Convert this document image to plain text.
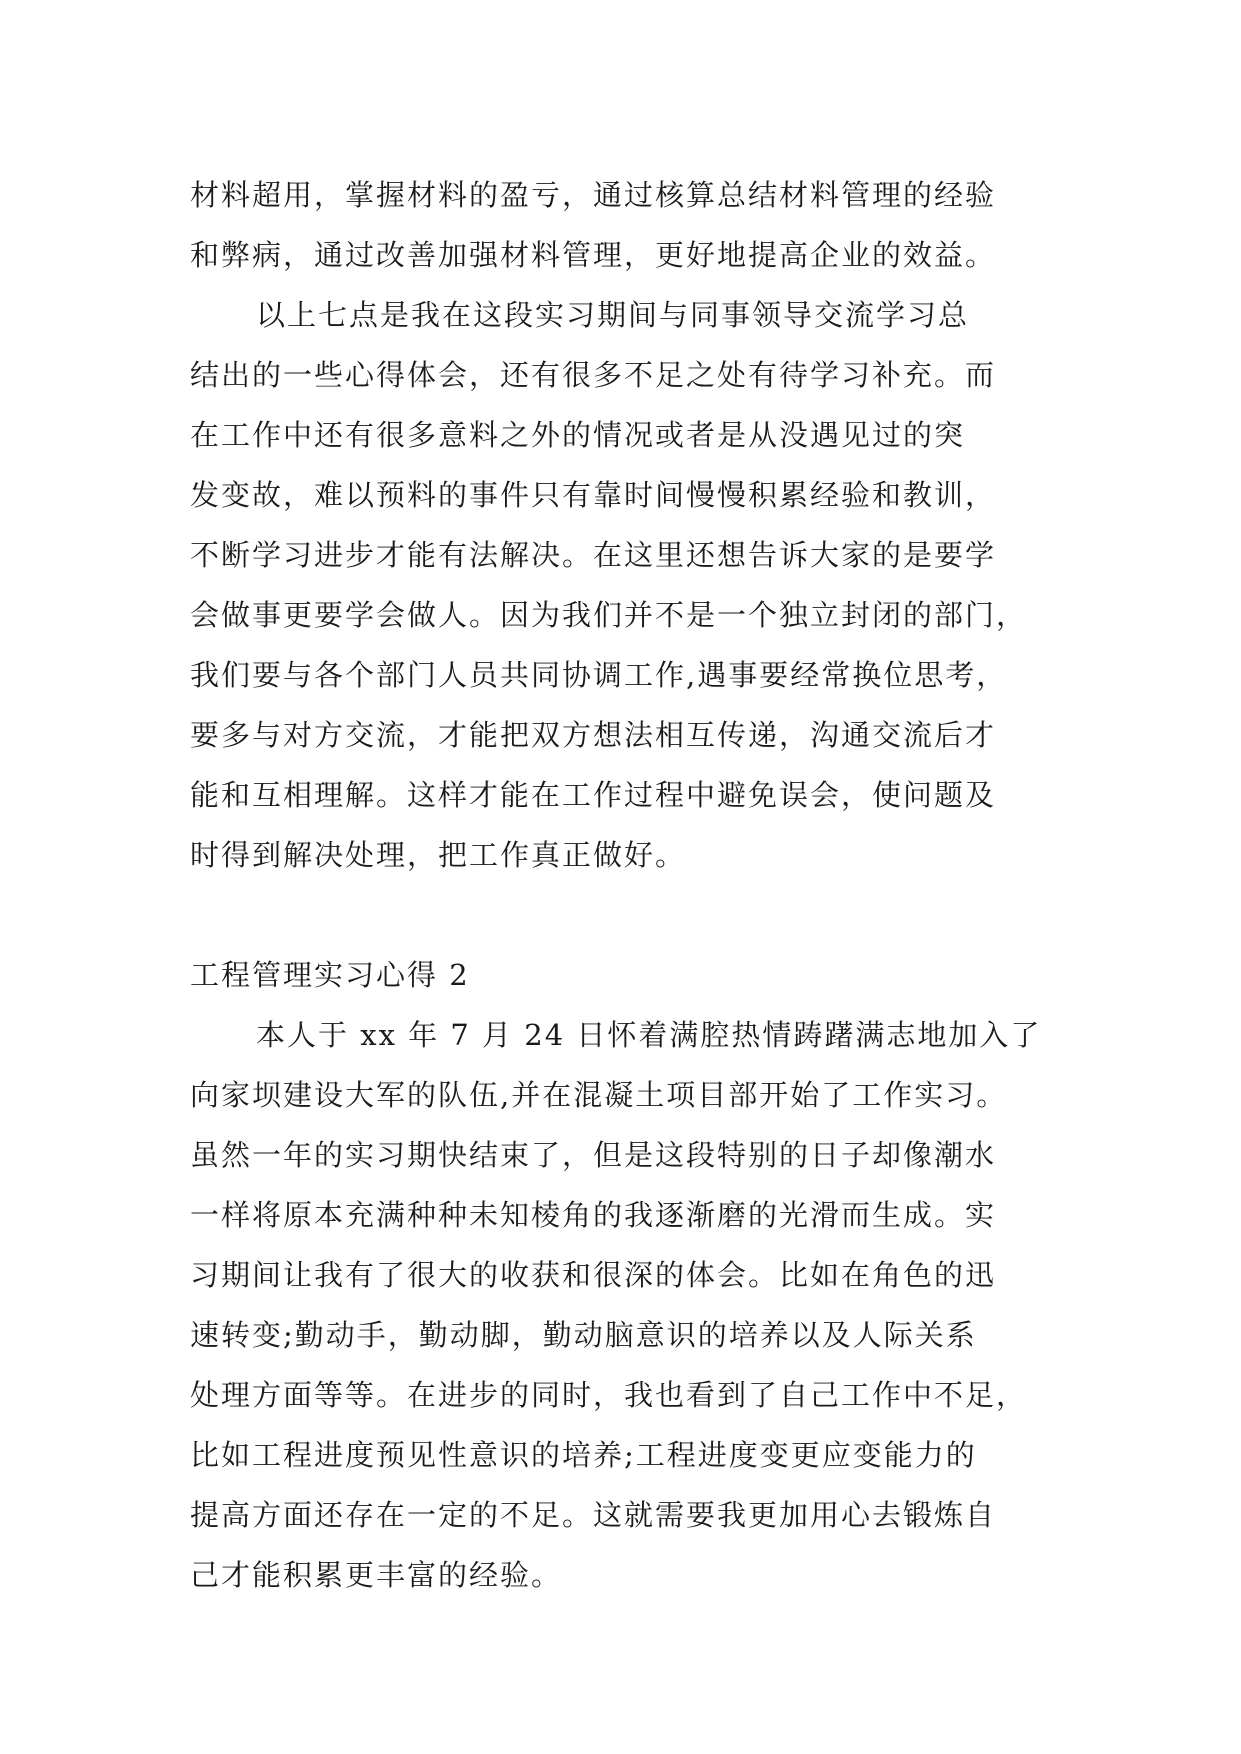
材料超用，掌握材料的盈亏，通过核算总结材料管理的经验
和弊病，通过改善加强材料管理，更好地提高企业的效益。
以上七点是我在这段实习期间与同事领导交流学习总
结出的一些心得体会，还有很多不足之处有待学习补充。而
在工作中还有很多意料之外的情况或者是从没遇见过的突
发变故，难以预料的事件只有靠时间慢慢积累经验和教训，
不断学习进步才能有法解决。在这里还想告诉大家的是要学
会做事更要学会做人。因为我们并不是一个独立封闭的部门，
我们要与各个部门人员共同协调工作,遇事要经常换位思考，
要多与对方交流，才能把双方想法相互传递，沟通交流后才
能和互相理解。这样才能在工作过程中避免误会，使问题及
时得到解决处理，把工作真正做好。
工程管理实习心得 2
本人于 xx 年 7 月 24 日怀着满腔热情踌躇满志地加入了
向家坝建设大军的队伍,并在混凝土项目部开始了工作实习。
虽然一年的实习期快结束了，但是这段特别的日子却像潮水
一样将原本充满种种未知棱角的我逐渐磨的光滑而生成。实
习期间让我有了很大的收获和很深的体会。比如在角色的迅
速转变;勤动手，勤动脚，勤动脑意识的培养以及人际关系
处理方面等等。在进步的同时，我也看到了自己工作中不足，
比如工程进度预见性意识的培养;工程进度变更应变能力的
提高方面还存在一定的不足。这就需要我更加用心去锻炼自
己才能积累更丰富的经验。
